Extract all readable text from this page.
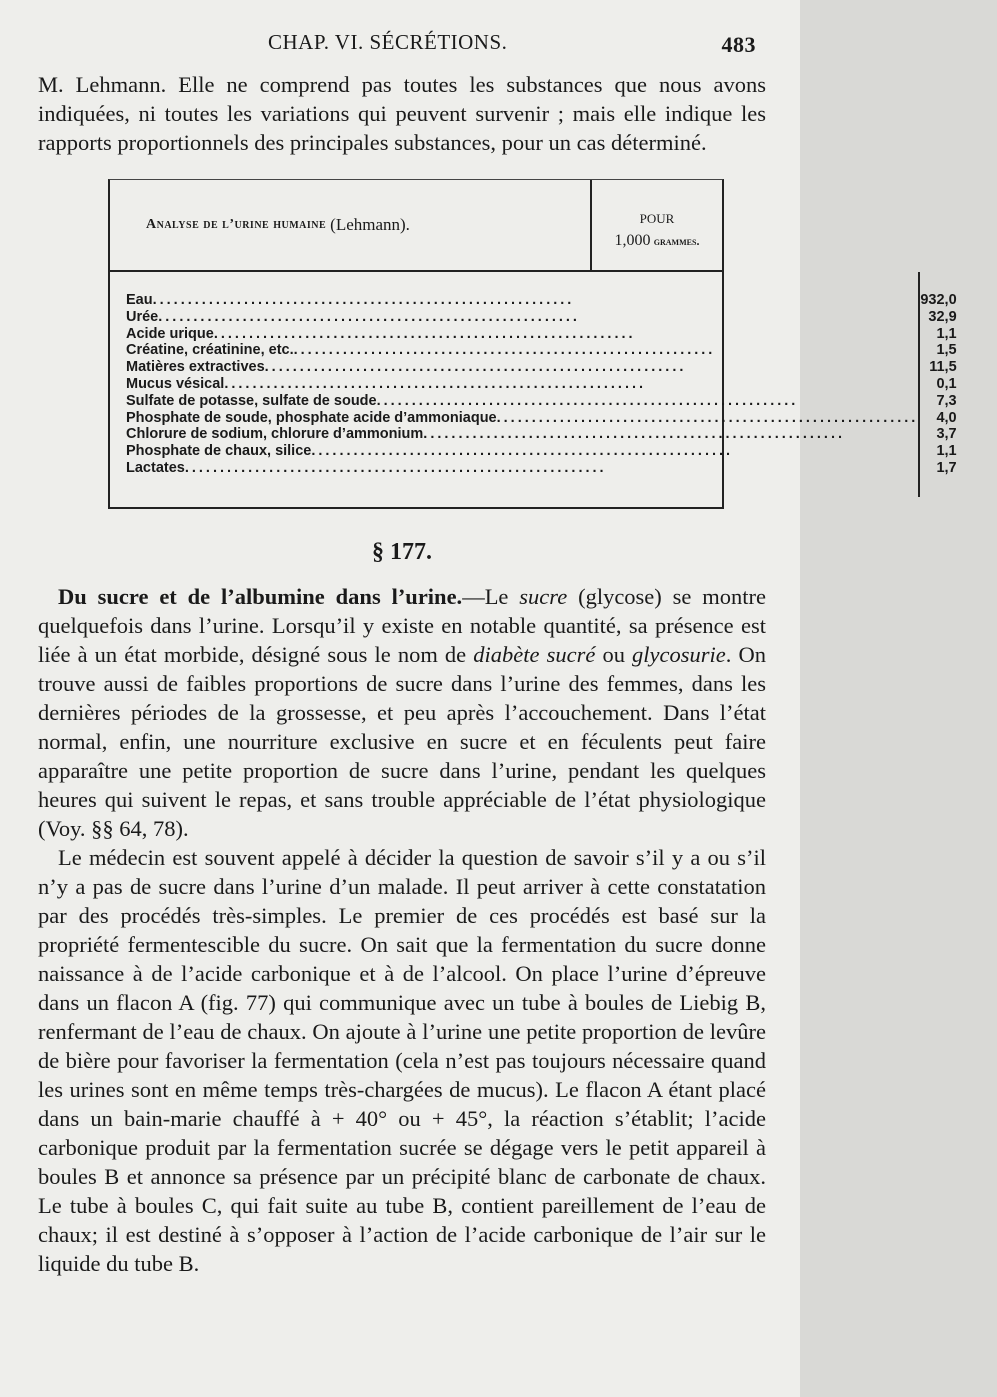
CHAP. VI. SÉCRÉTIONS.	483

M. Lehmann. Elle ne comprend pas toutes les substances que nous avons indiquées, ni toutes les variations qui peuvent survenir ; mais elle indique les rapports proportionnels des principales substances, pour un cas déterminé.

Analyse de l’urine humaine (Lehmann).	POUR
1,000 grammes.
Eau ............................................................
Urée ............................................................
Acide urique ............................................................
Créatine, créatinine, etc. ............................................................
Matières extractives ............................................................
Mucus vésical ............................................................
Sulfate de potasse, sulfate de soude ............................................................
Phosphate de soude, phosphate acide d’ammoniaque ............................................................
Chlorure de sodium, chlorure d’ammonium ............................................................
Phosphate de chaux, silice ............................................................
Lactates ............................................................
932,0
32,9
1,1
1,5
11,5
0,1
7,3
4,0
3,7
1,1
1,7
§ 177.

Du sucre et de l’albumine dans l’urine.—Le sucre (glycose) se montre quelquefois dans l’urine. Lorsqu’il y existe en notable quantité, sa présence est liée à un état morbide, désigné sous le nom de diabète sucré ou glycosurie. On trouve aussi de faibles proportions de sucre dans l’urine des femmes, dans les dernières périodes de la grossesse, et peu après l’accouchement. Dans l’état normal, enfin, une nourriture exclusive en sucre et en féculents peut faire apparaître une petite proportion de sucre dans l’urine, pendant les quelques heures qui suivent le repas, et sans trouble appréciable de l’état physiologique (Voy. §§ 64, 78).

Le médecin est souvent appelé à décider la question de savoir s’il y a ou s’il n’y a pas de sucre dans l’urine d’un malade. Il peut arriver à cette constatation par des procédés très-simples. Le premier de ces procédés est basé sur la propriété fermentescible du sucre. On sait que la fermentation du sucre donne naissance à de l’acide carbonique et à de l’alcool. On place l’urine d’épreuve dans un flacon A (fig. 77) qui communique avec un tube à boules de Liebig B, renfermant de l’eau de chaux. On ajoute à l’urine une petite proportion de levûre de bière pour favoriser la fermentation (cela n’est pas toujours nécessaire quand les urines sont en même temps très-chargées de mucus). Le flacon A étant placé dans un bain-marie chauffé à + 40° ou + 45°, la réaction s’établit; l’acide carbonique produit par la fermentation sucrée se dégage vers le petit appareil à boules B et annonce sa présence par un précipité blanc de carbonate de chaux. Le tube à boules C, qui fait suite au tube B, contient pareillement de l’eau de chaux; il est destiné à s’opposer à l’action de l’acide carbonique de l’air sur le liquide du tube B.
